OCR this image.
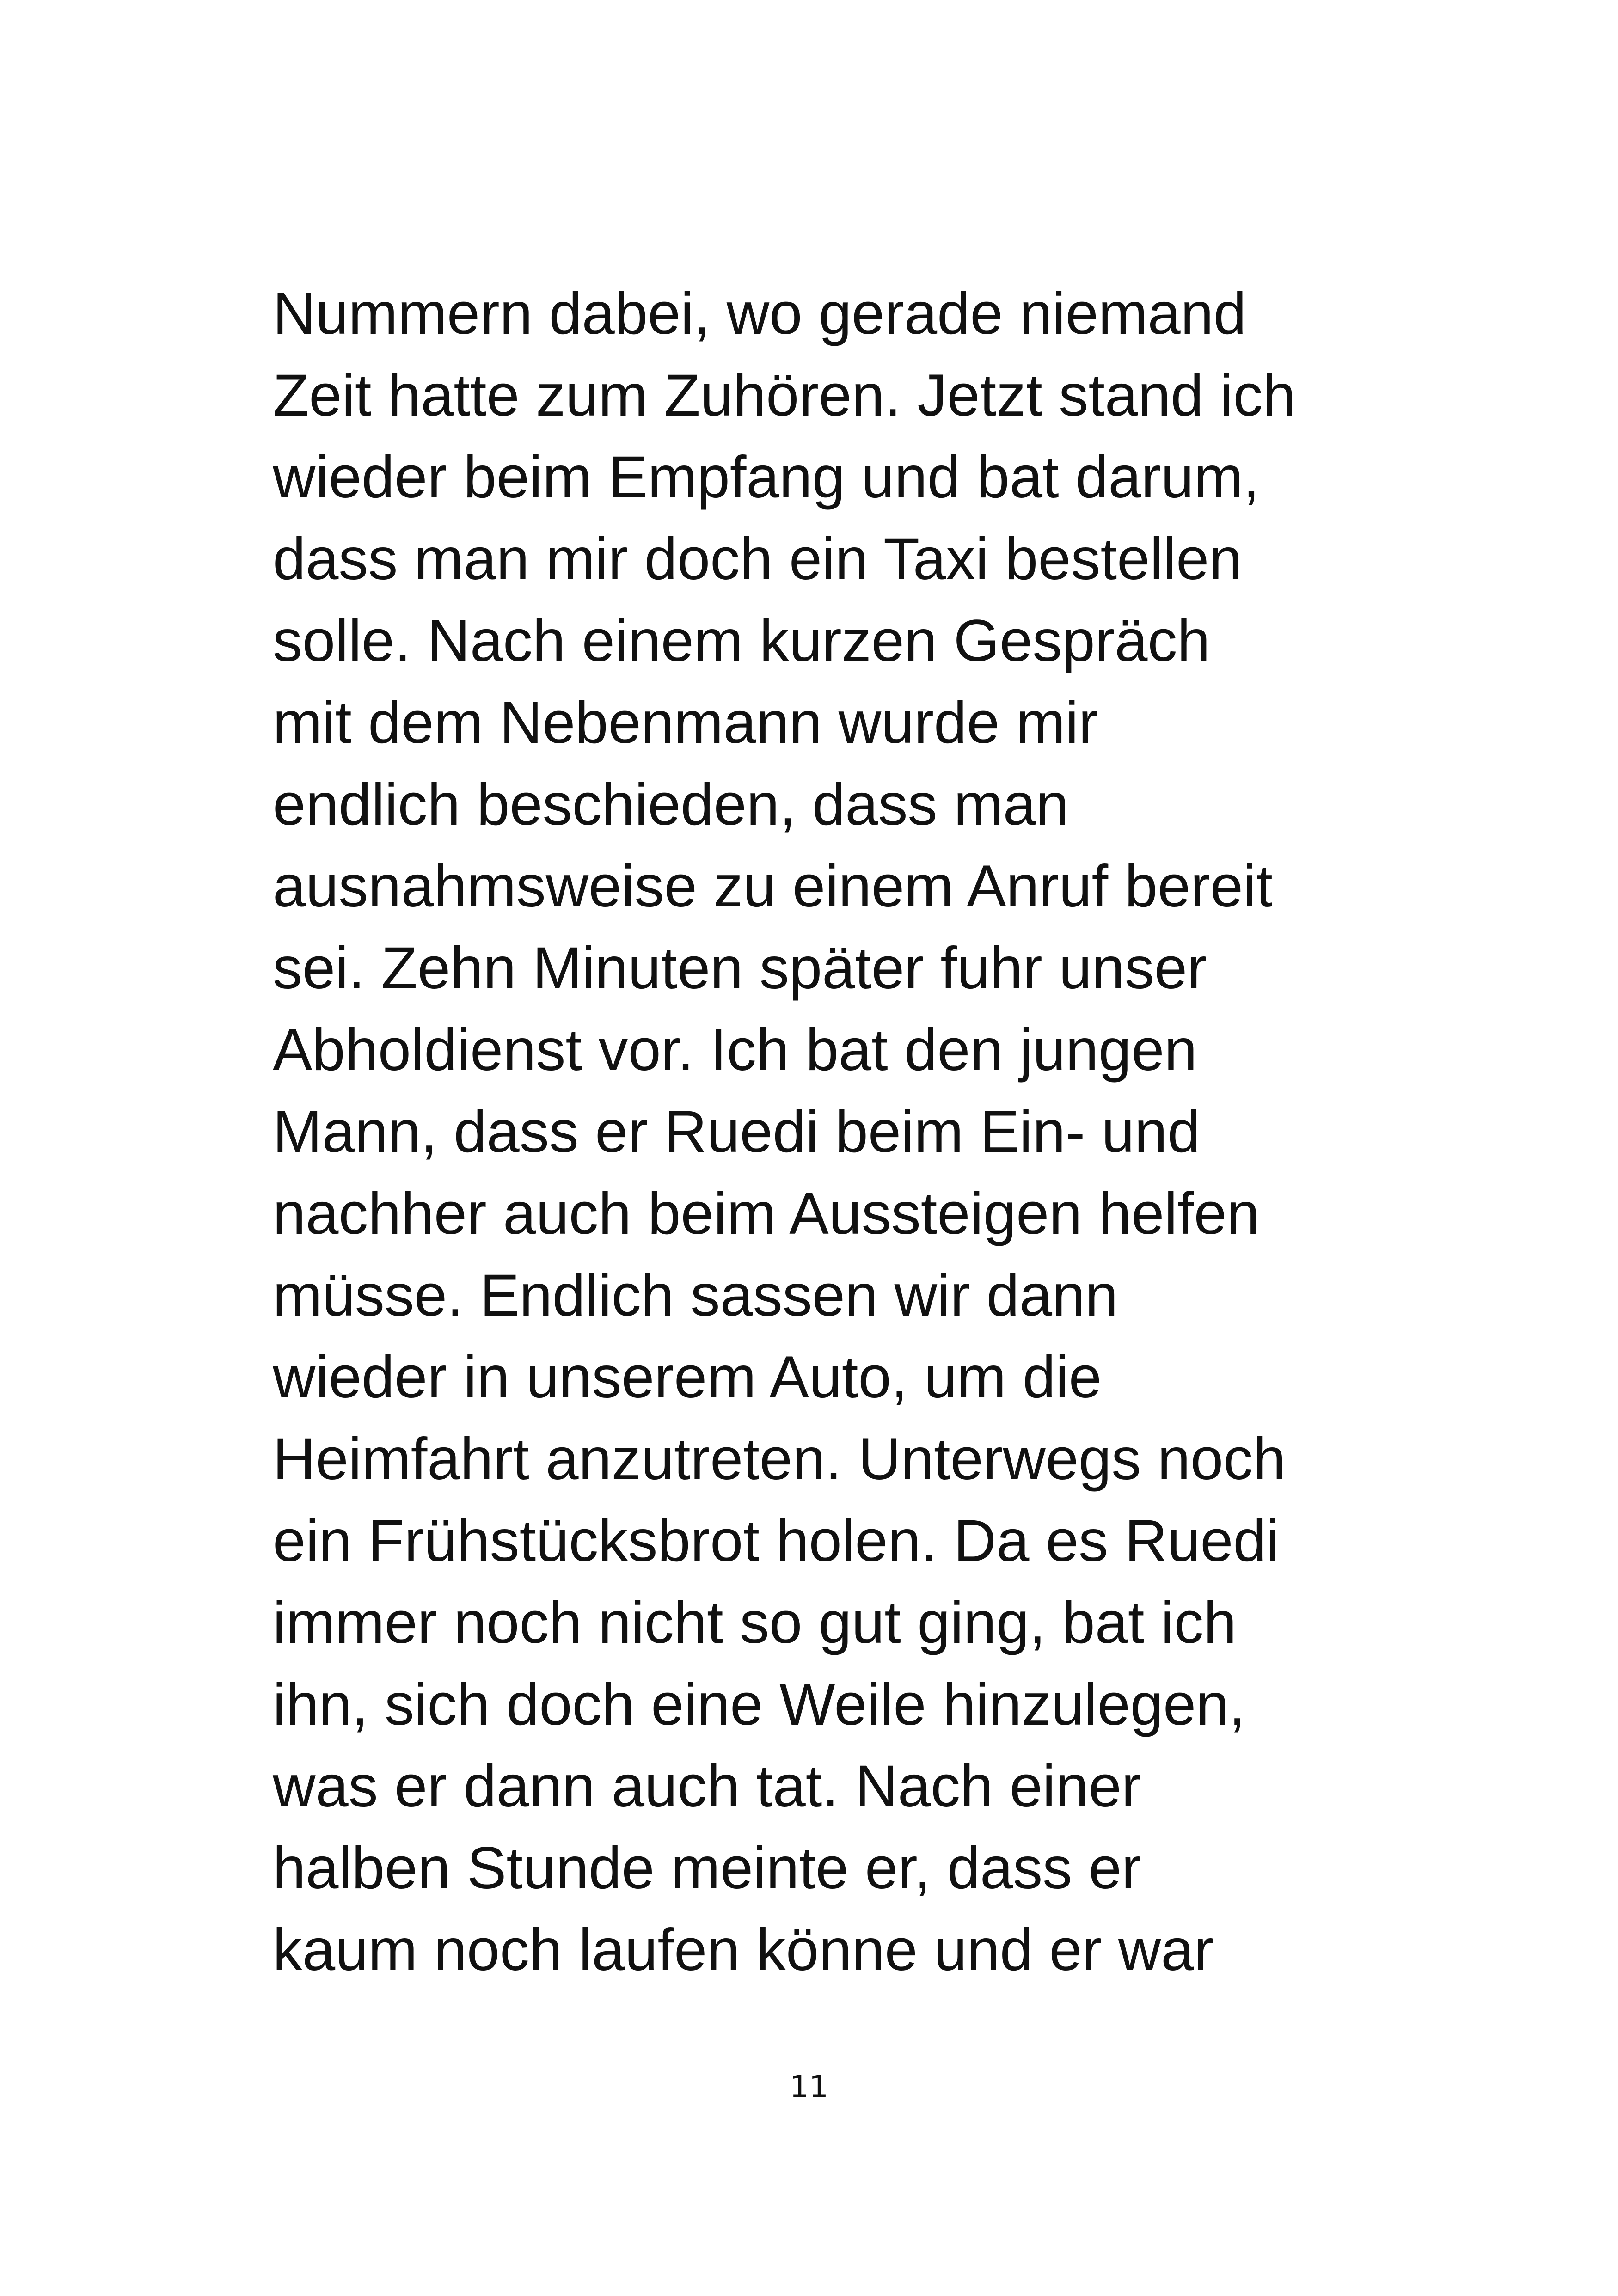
Nummern dabei, wo gerade niemand
Zeit hatte zum Zuhören. Jetzt stand ich
wieder beim Empfang und bat darum,
dass man mir doch ein Taxi bestellen
solle. Nach einem kurzen Gespräch
mit dem Nebenmann wurde mir
endlich beschieden, dass man
ausnahmsweise zu einem Anruf bereit
sei. Zehn Minuten später fuhr unser
Abholdienst vor. Ich bat den jungen
Mann, dass er Ruedi beim Ein- und
nachher auch beim Aussteigen helfen
müsse. Endlich sassen wir dann
wieder in unserem Auto, um die
Heimfahrt anzutreten. Unterwegs noch
ein Frühstücksbrot holen. Da es Ruedi
immer noch nicht so gut ging, bat ich
ihn, sich doch eine Weile hinzulegen,
was er dann auch tat. Nach einer
halben Stunde meinte er, dass er
kaum noch laufen könne und er war
11
